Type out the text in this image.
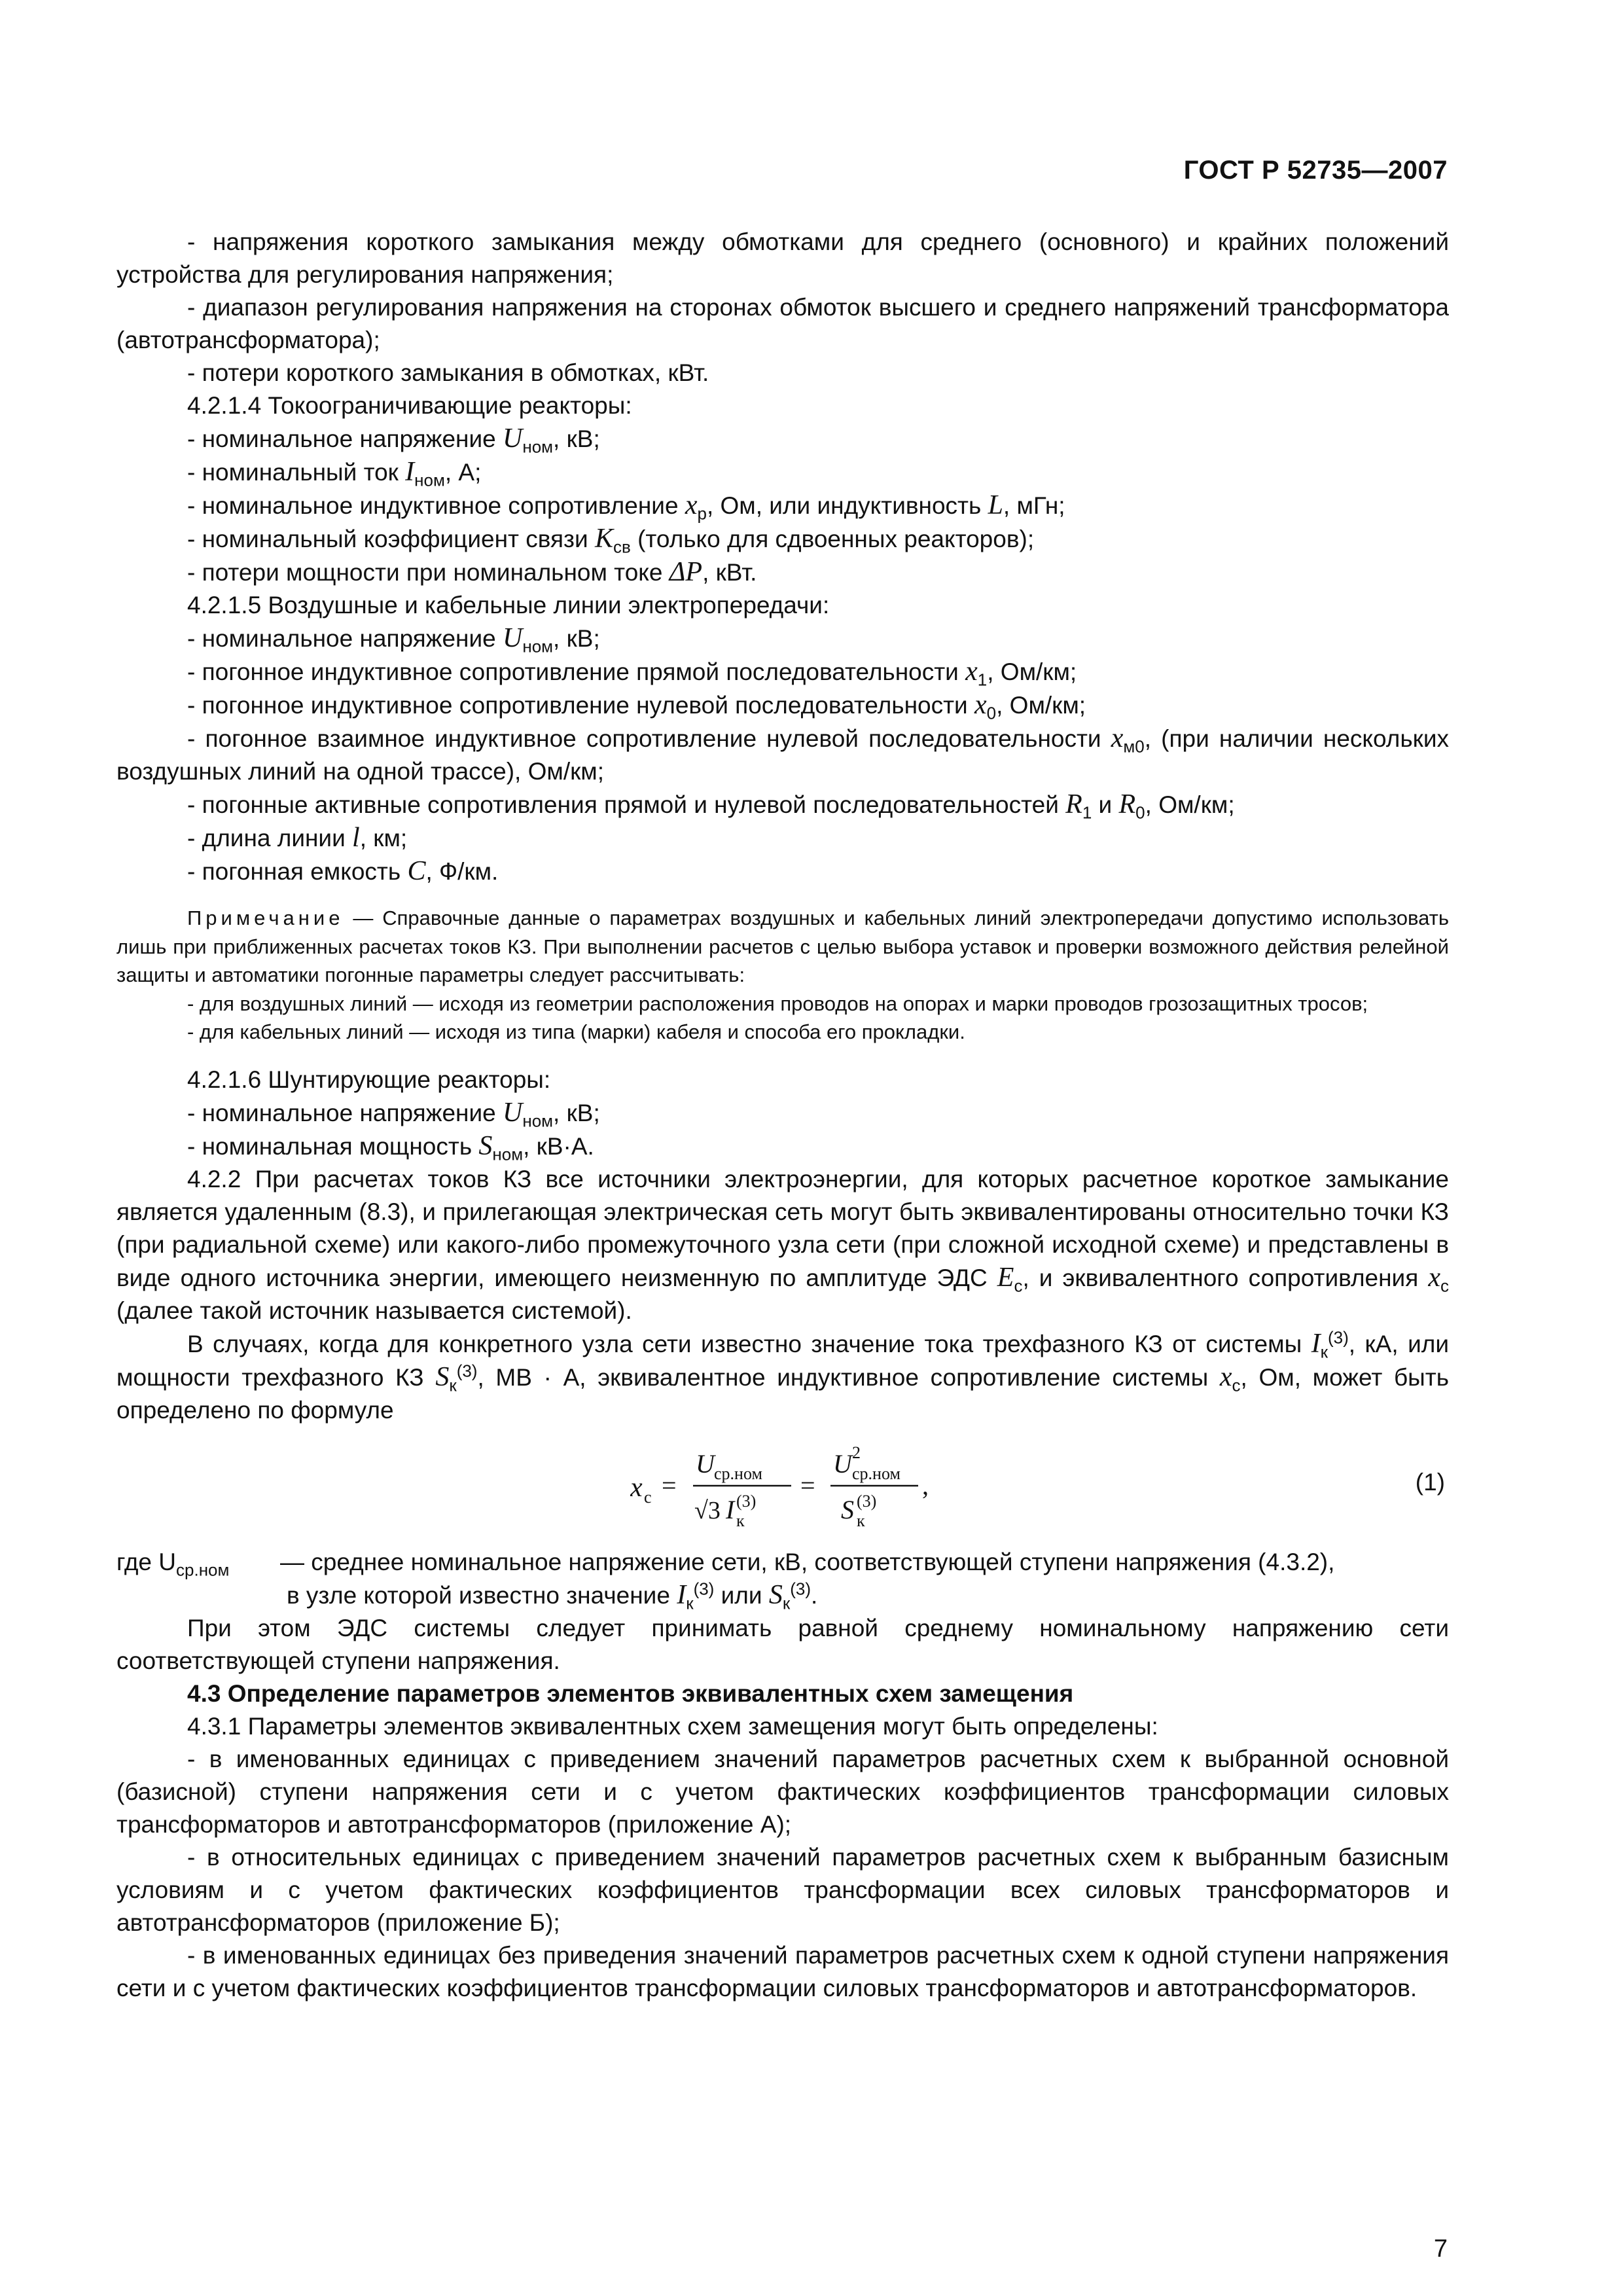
ГОСТ Р 52735—2007

- напряжения короткого замыкания между обмотками для среднего (основного) и крайних положений устройства для регулирования напряжения;

- диапазон регулирования напряжения на сторонах обмоток высшего и среднего напряжений трансформатора (автотрансформатора);

- потери короткого замыкания в обмотках, кВт.

4.2.1.4 Токоограничивающие реакторы:

- номинальное напряжение $U_{ном}$, кВ;

- номинальный ток $I_{ном}$, А;

- номинальное индуктивное сопротивление $x_р$, Ом, или индуктивность L, мГн;

- номинальный коэффициент связи $K_{св}$ (только для сдвоенных реакторов);

- потери мощности при номинальном токе ΔP, кВт.

4.2.1.5 Воздушные и кабельные линии электропередачи:

- номинальное напряжение $U_{ном}$, кВ;

- погонное индуктивное сопротивление прямой последовательности $x_1$, Ом/км;

- погонное индуктивное сопротивление нулевой последовательности $x_0$, Ом/км;

- погонное взаимное индуктивное сопротивление нулевой последовательности $x_{м0}$, (при наличии нескольких воздушных линий на одной трассе), Ом/км;

- погонные активные сопротивления прямой и нулевой последовательностей $R_1$ и $R_0$, Ом/км;

- длина линии l, км;

- погонная емкость C, Ф/км.

Примечание — Справочные данные о параметрах воздушных и кабельных линий электропередачи допустимо использовать лишь при приближенных расчетах токов КЗ. При выполнении расчетов с целью выбора уставок и проверки возможного действия релейной защиты и автоматики погонные параметры следует рассчитывать:

- для воздушных линий — исходя из геометрии расположения проводов на опорах и марки проводов грозозащитных тросов;

- для кабельных линий — исходя из типа (марки) кабеля и способа его прокладки.

4.2.1.6 Шунтирующие реакторы:

- номинальное напряжение $U_{ном}$, кВ;

- номинальная мощность $S_{ном}$, кВ·А.

4.2.2 При расчетах токов КЗ все источники электроэнергии, для которых расчетное короткое замыкание является удаленным (8.3), и прилегающая электрическая сеть могут быть эквивалентированы относительно точки КЗ (при радиальной схеме) или какого-либо промежуточного узла сети (при сложной исходной схеме) и представлены в виде одного источника энергии, имеющего неизменную по амплитуде ЭДС $E_с$, и эквивалентного сопротивления $x_с$ (далее такой источник называется системой).

В случаях, когда для конкретного узла сети известно значение тока трехфазного КЗ от системы $I_к^{(3)}$, кА, или мощности трехфазного КЗ $S_к^{(3)}$, МВ · А, эквивалентное индуктивное сопротивление системы $x_с$, Ом, может быть определено по формуле

x с =
U ср.ном
√3 I к
(3)
=
U 2
ср.ном
S к
(3)
,	(1)

где $U_{ср.ном}$ — среднее номинальное напряжение сети, кВ, соответствующей ступени напряжения (4.3.2),

в узле которой известно значение $I_к^{(3)}$ или $S_к^{(3)}$.

При этом ЭДС системы следует принимать равной среднему номинальному напряжению сети соответствующей ступени напряжения.

4.3 Определение параметров элементов эквивалентных схем замещения

4.3.1 Параметры элементов эквивалентных схем замещения могут быть определены:

- в именованных единицах с приведением значений параметров расчетных схем к выбранной основной (базисной) ступени напряжения сети и с учетом фактических коэффициентов трансформации силовых трансформаторов и автотрансформаторов (приложение А);

- в относительных единицах с приведением значений параметров расчетных схем к выбранным базисным условиям и с учетом фактических коэффициентов трансформации всех силовых трансформаторов и автотрансформаторов (приложение Б);

- в именованных единицах без приведения значений параметров расчетных схем к одной ступени напряжения сети и с учетом фактических коэффициентов трансформации силовых трансформаторов и автотрансформаторов.

7
